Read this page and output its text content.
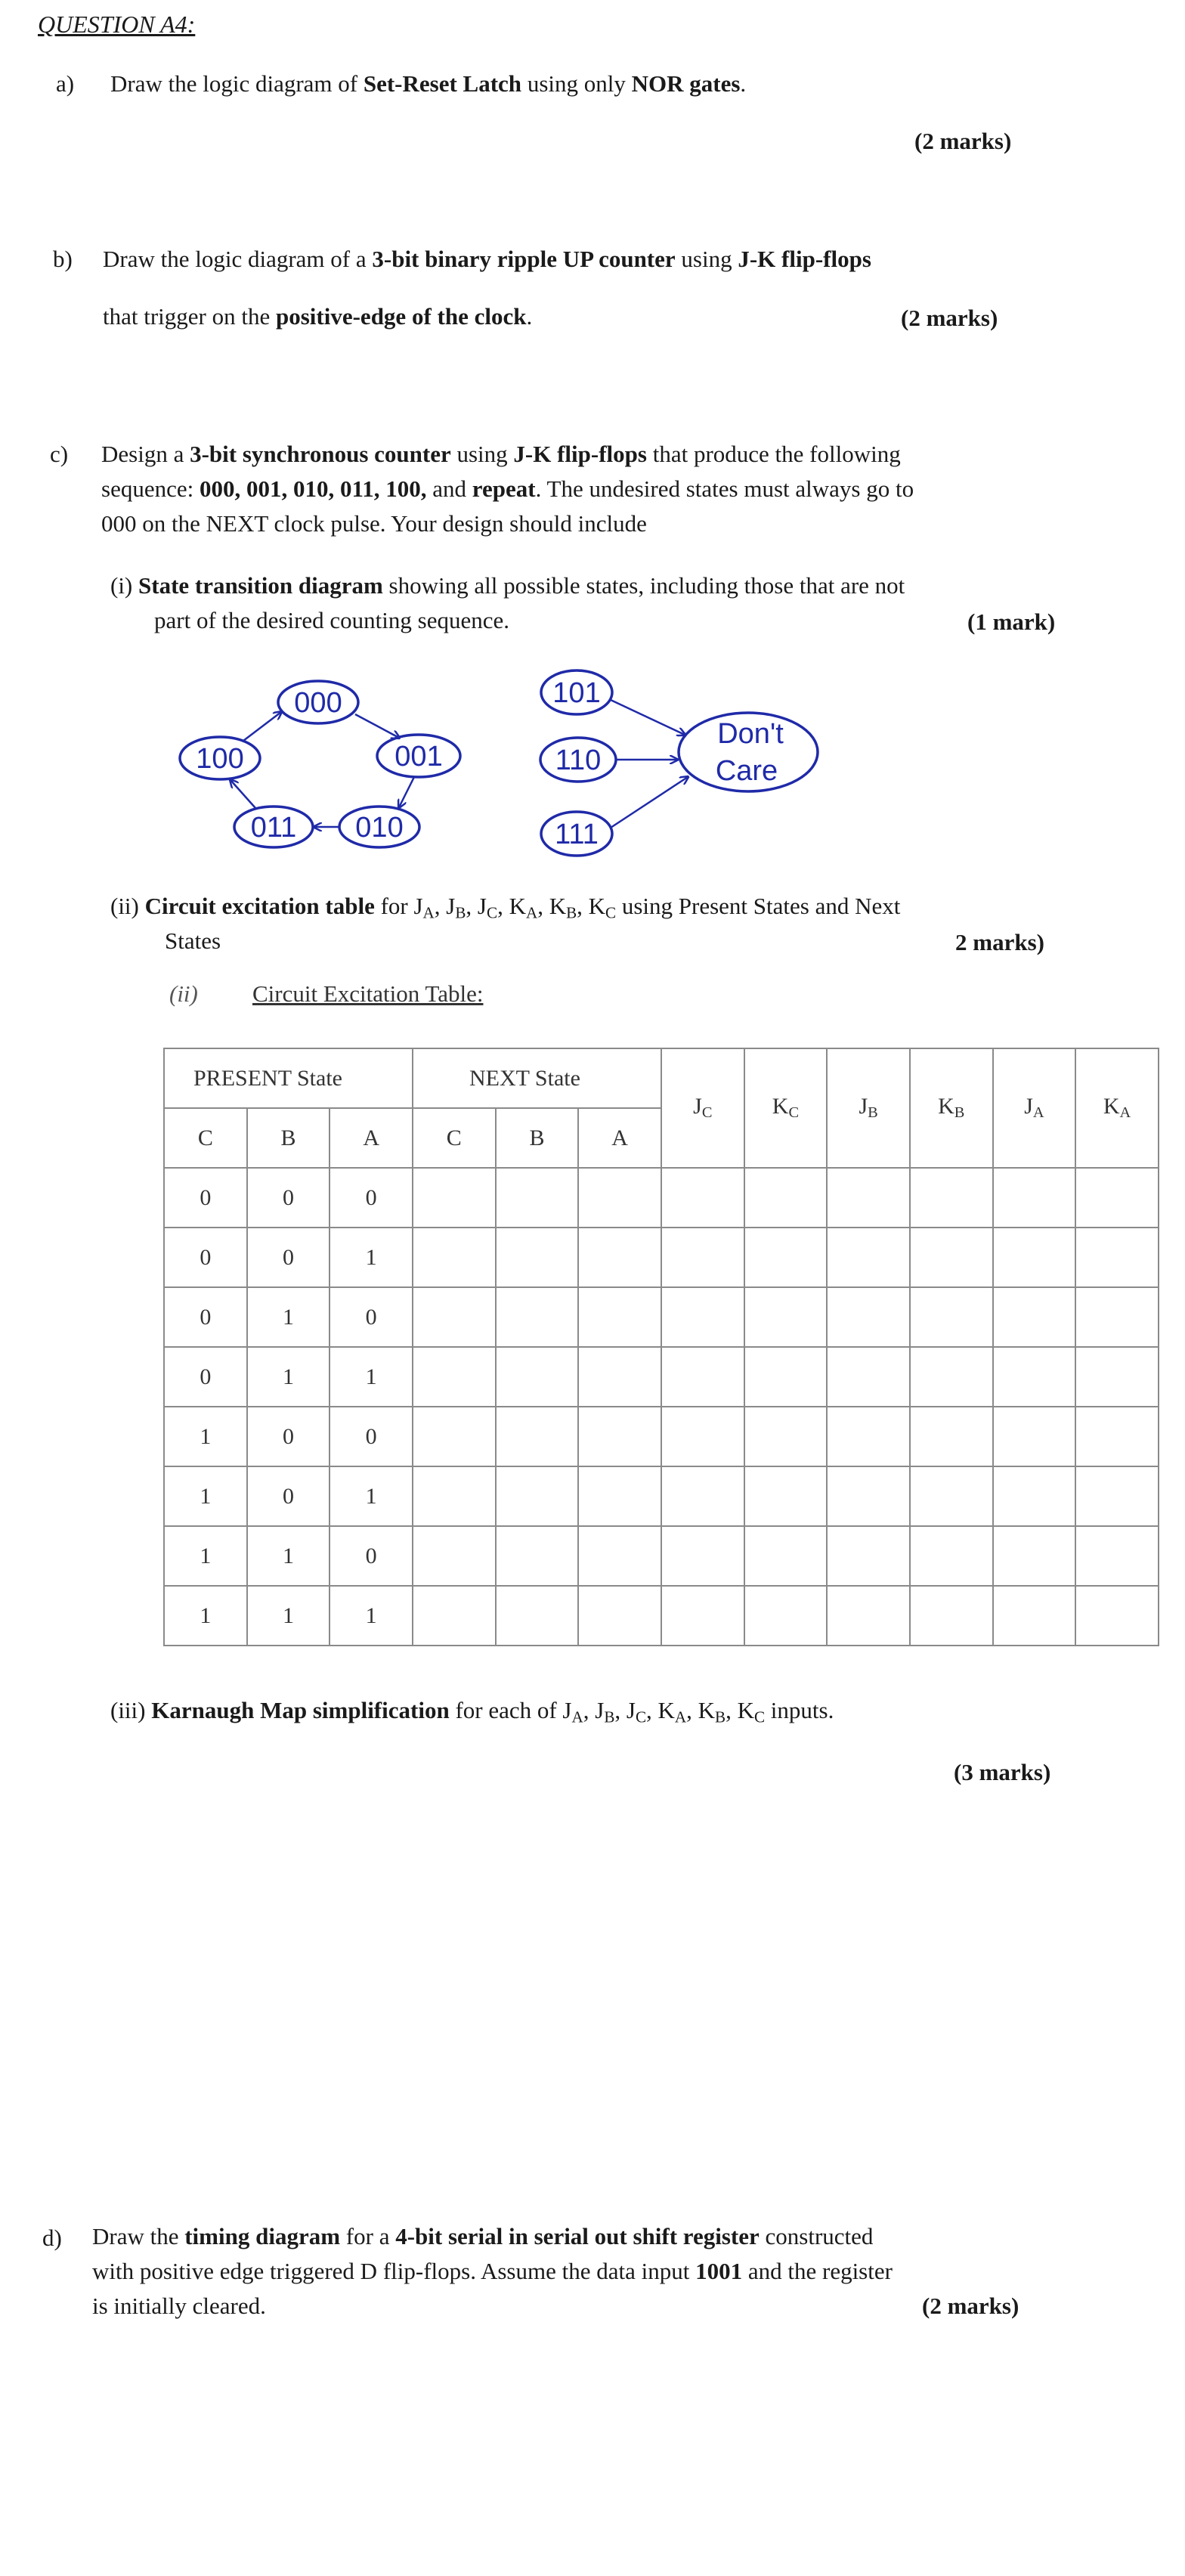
QUESTION A4:
a) Draw the logic diagram of Set-Reset Latch using only NOR gates.
(2 marks)
b) Draw the logic diagram of a 3-bit binary ripple UP counter using J-K flip-flops
that trigger on the positive-edge of the clock.	(2 marks)
c) Design a 3-bit synchronous counter using J-K flip-flops that produce the following
sequence: 000, 001, 010, 011, 100, and repeat. The undesired states must always go to
000 on the NEXT clock pulse. Your design should include
(i) State transition diagram showing all possible states, including those that are not
part of the desired counting sequence.	(1 mark)
000
001
010
011
100
101
110
111
Don't
Care
(ii) Circuit excitation table for JA, JB, JC, KA, KB, KC using Present States and Next
States	2 marks)
(ii) Circuit Excitation Table:
PRESENT State			NEXT State			JC	KC	JB	KB	JA	KA
C	B	A	C	B	A						
0	0	0									
0	0	1									
0	1	0									
0	1	1									
1	0	0									
1	0	1									
1	1	0									
1	1	1									
(iii) Karnaugh Map simplification for each of JA, JB, JC, KA, KB, KC inputs.
(3 marks)
d) Draw the timing diagram for a 4-bit serial in serial out shift register constructed
with positive edge triggered D flip-flops. Assume the data input 1001 and the register
is initially cleared.	(2 marks)
